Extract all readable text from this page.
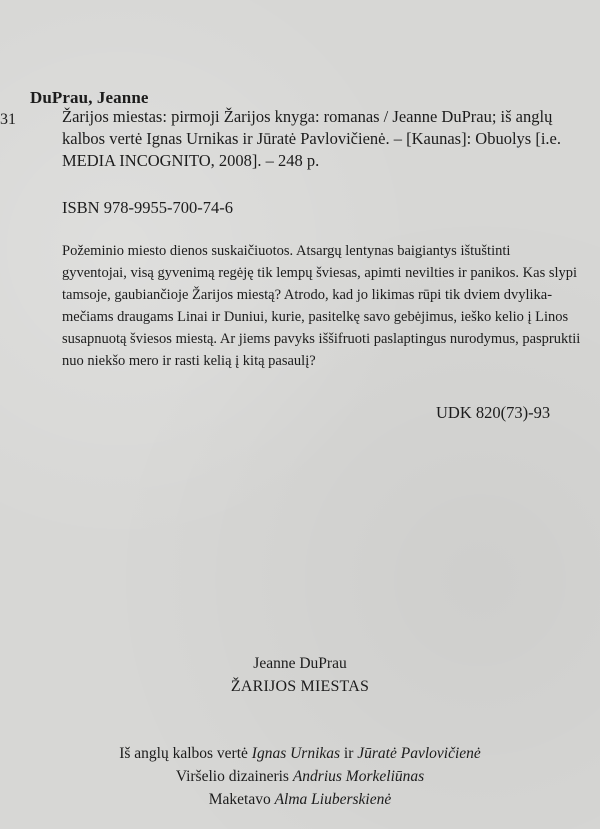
31
DuPrau, Jeanne
Žarijos miestas: pirmoji Žarijos knyga: romanas / Jeanne DuPrau; iš anglų
kalbos vertė Ignas Urnikas ir Jūratė Pavlovičienė. – [Kaunas]: Obuolys [i.e.
MEDIA INCOGNITO, 2008]. – 248 p.
ISBN 978-9955-700-74-6
Požeminio miesto dienos suskaičiuotos. Atsargų lentynas baigiantys ištuštinti
gyventojai, visą gyvenimą regėję tik lempų šviesas, apimti nevilties ir panikos. Kas slypi
tamsoje, gaubiančioje Žarijos miestą? Atrodo, kad jo likimas rūpi tik dviem dvylika-
mečiams draugams Linai ir Duniui, kurie, pasitelkę savo gebėjimus, ieško kelio į Linos
susapnuotą šviesos miestą. Ar jiems pavyks iššifruoti paslaptingus nurodymus, paspruktii
nuo niekšo mero ir rasti kelią į kitą pasaulį?
UDK 820(73)-93
Jeanne DuPrau
ŽARIJOS MIESTAS
Iš anglų kalbos vertė Ignas Urnikas ir Jūratė Pavlovičienė
Viršelio dizaineris Andrius Morkeliūnas
Maketavo Alma Liuberskienė
